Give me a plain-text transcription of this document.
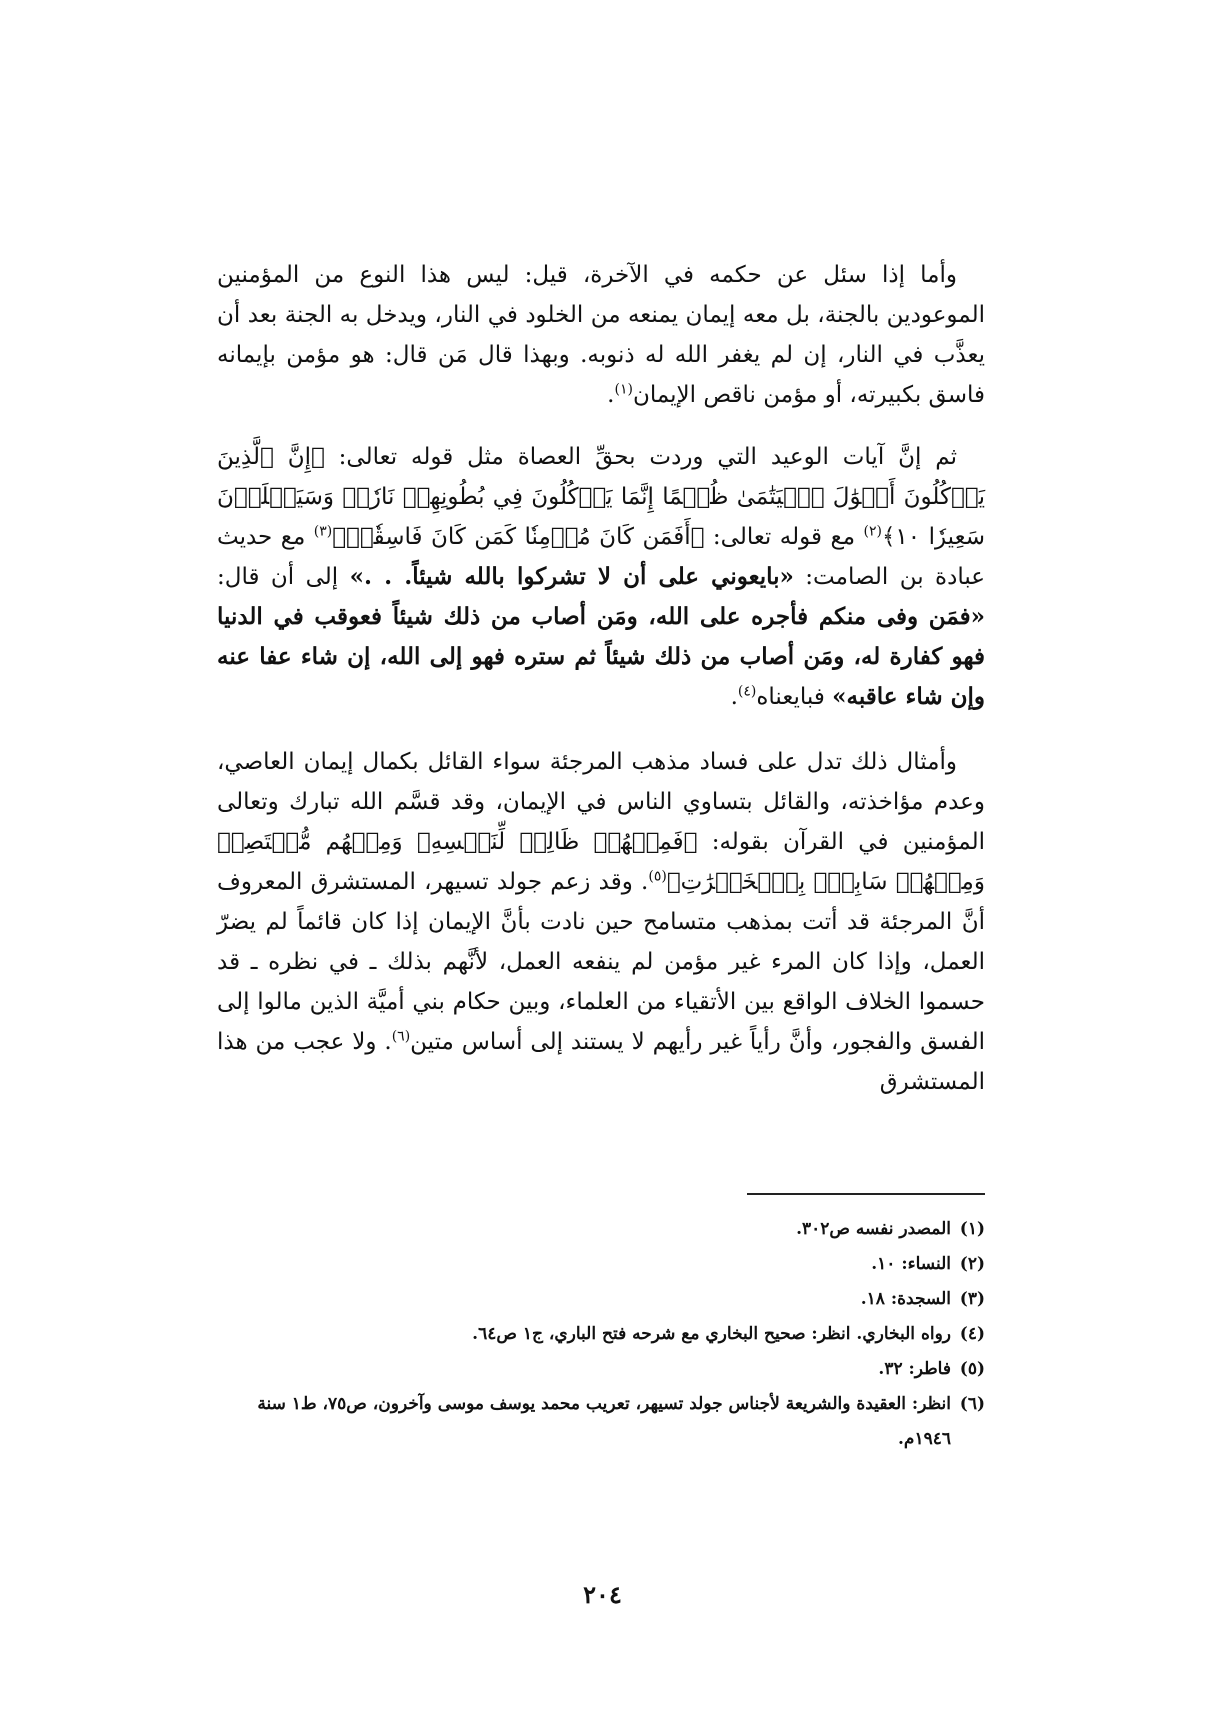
وأما إذا سئل عن حكمه في الآخرة، قيل: ليس هذا النوع من المؤمنين الموعودين بالجنة، بل معه إيمان يمنعه من الخلود في النار، ويدخل به الجنة بعد أن يعذَّب في النار، إن لم يغفر الله له ذنوبه. وبهذا قال مَن قال: هو مؤمن بإيمانه فاسق بكبيرته، أو مؤمن ناقص الإيمان$^{(١)}$.

ثم إنَّ آيات الوعيد التي وردت بحقِّ العصاة مثل قوله تعالى: ﴿إِنَّ ٱلَّذِينَ يَأۡكُلُونَ أَمۡوَٰلَ ٱلۡيَتَٰمَىٰ ظُلۡمًا إِنَّمَا يَأۡكُلُونَ فِي بُطُونِهِمۡ نَارٗاۖ وَسَيَصۡلَوۡنَ سَعِيرٗا ١٠﴾$^{(٢)}$ مع قوله تعالى: ﴿أَفَمَن كَانَ مُؤۡمِنٗا كَمَن كَانَ فَاسِقٗاۚ﴾$^{(٣)}$ مع حديث عبادة بن الصامت: «بايعوني على أن لا تشركوا بالله شيئاً. . .» إلى أن قال: «فمَن وفى منكم فأجره على الله، ومَن أصاب من ذلك شيئاً فعوقب في الدنيا فهو كفارة له، ومَن أصاب من ذلك شيئاً ثم ستره فهو إلى الله، إن شاء عفا عنه وإن شاء عاقبه» فبايعناه$^{(٤)}$.

وأمثال ذلك تدل على فساد مذهب المرجئة سواء القائل بكمال إيمان العاصي، وعدم مؤاخذته، والقائل بتساوي الناس في الإيمان، وقد قسَّم الله تبارك وتعالى المؤمنين في القرآن بقوله: ﴿فَمِنۡهُمۡ ظَالِمٞ لِّنَفۡسِهِۦ وَمِنۡهُم مُّقۡتَصِدٞ وَمِنۡهُمۡ سَابِقُۢ بِٱلۡخَيۡرَٰتِ﴾$^{(٥)}$. وقد زعم جولد تسيهر، المستشرق المعروف أنَّ المرجئة قد أتت بمذهب متسامح حين نادت بأنَّ الإيمان إذا كان قائماً لم يضرّ العمل، وإذا كان المرء غير مؤمن لم ينفعه العمل، لأنَّهم بذلك ـ في نظره ـ قد حسموا الخلاف الواقع بين الأتقياء من العلماء، وبين حكام بني أميَّة الذين مالوا إلى الفسق والفجور، وأنَّ رأياً غير رأيهم لا يستند إلى أساس متين$^{(٦)}$. ولا عجب من هذا المستشرق

(١)
المصدر نفسه ص٣٠٢.
(٢)
النساء: ١٠.
(٣)
السجدة: ١٨.
(٤)
رواه البخاري. انظر: صحيح البخاري مع شرحه فتح الباري، ج١ ص٦٤.
(٥)
فاطر: ٣٢.
(٦)
انظر: العقيدة والشريعة لأجناس جولد تسيهر، تعريب محمد يوسف موسى وآخرون، ص٧٥، ط١ سنة ١٩٤٦م.
٢٠٤
